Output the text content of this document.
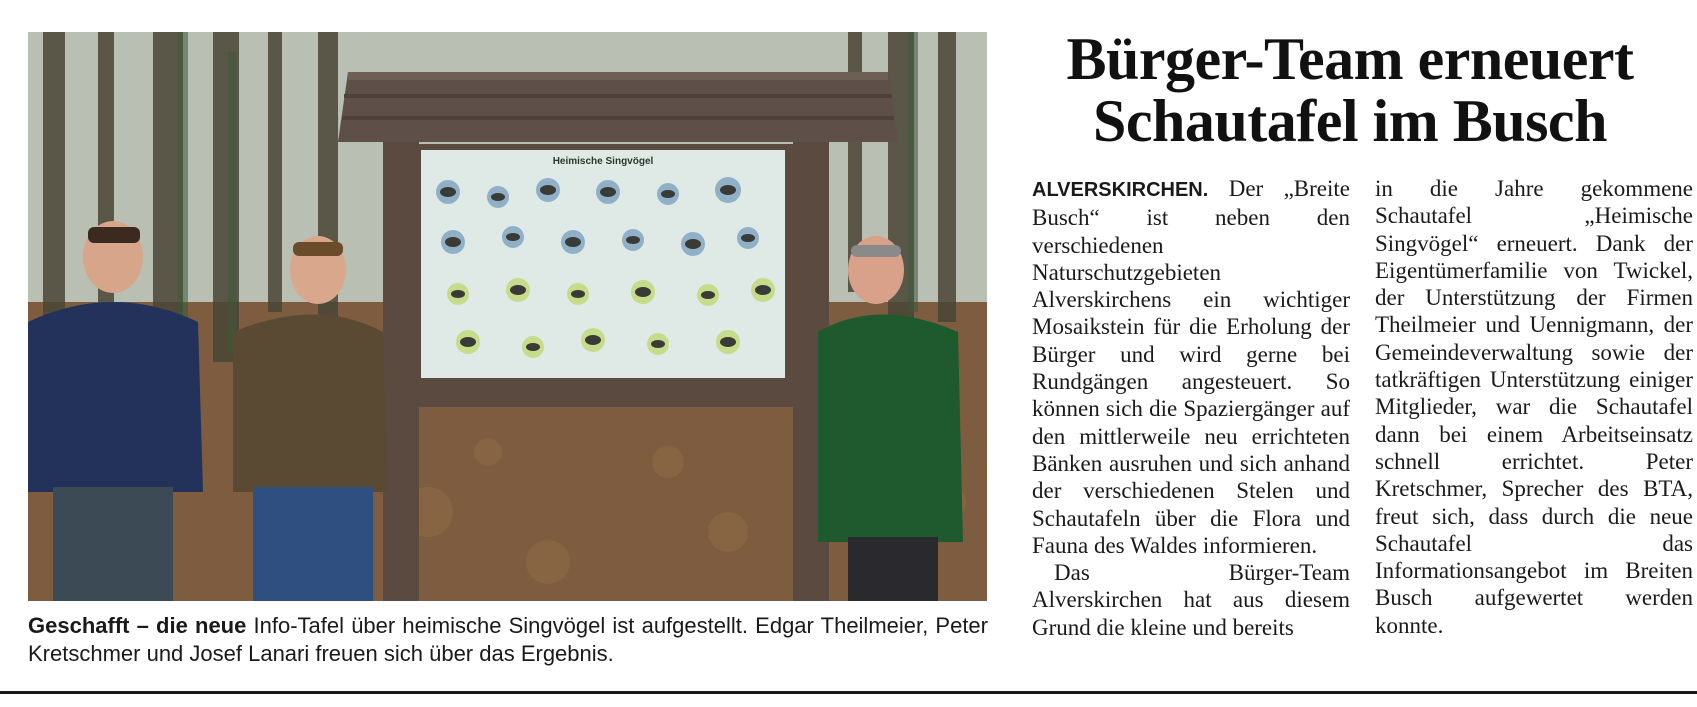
Heimische Singvögel
Geschafft – die neue Info-Tafel über heimische Singvögel ist aufgestellt. Edgar Theilmeier, Peter Kretschmer und Josef Lanari freuen sich über das Ergebnis.
Bürger-Team erneuert
Schautafel im Busch

ALVERSKIRCHEN. Der „Breite Busch“ ist neben den verschiedenen Naturschutzgebieten Alverskirchens ein wichtiger Mosaikstein für die Erholung der Bürger und wird gerne bei Rundgängen angesteuert. So können sich die Spaziergänger auf den mittlerweile neu errichteten Bänken ausruhen und sich anhand der verschiedenen Stelen und Schautafeln über die Flora und Fauna des Waldes informieren.

Das Bürger-Team Alverskirchen hat aus diesem Grund die kleine und bereits

in die Jahre gekommene Schautafel „Heimische Singvögel“ erneuert. Dank der Eigentümerfamilie von Twickel, der Unterstützung der Firmen Theilmeier und Uennigmann, der Gemeindeverwaltung sowie der tatkräftigen Unterstützung einiger Mitglieder, war die Schautafel dann bei einem Arbeitseinsatz schnell errichtet. Peter Kretschmer, Sprecher des BTA, freut sich, dass durch die neue Schautafel das Informationsangebot im Breiten Busch aufgewertet werden konnte.
